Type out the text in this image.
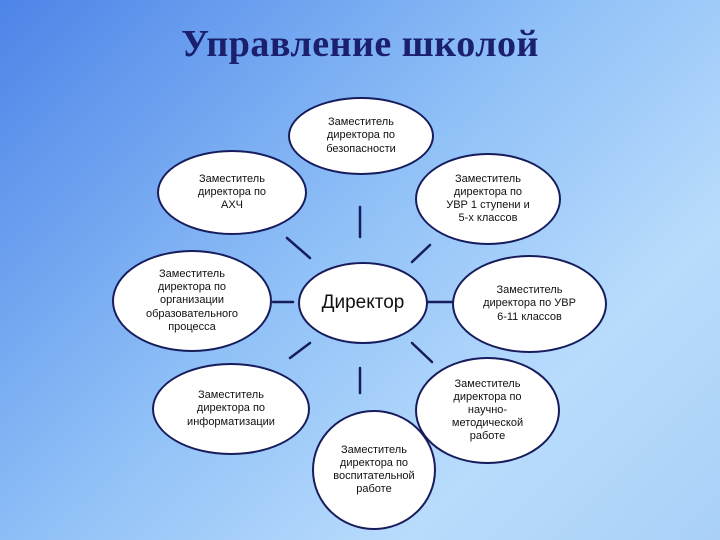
Управление школой
Заместитель
директора по
безопасности
Заместитель
директора по
АХЧ
Заместитель
директора по
УВР 1 ступени и
5-х классов
Заместитель
директора по
организации
образовательного
процесса
Директор
Заместитель
директора по УВР
6-11 классов
Заместитель
директора по
информатизации
Заместитель
директора по
научно-
методической
работе
Заместитель
директора по
воспитательной
работе
